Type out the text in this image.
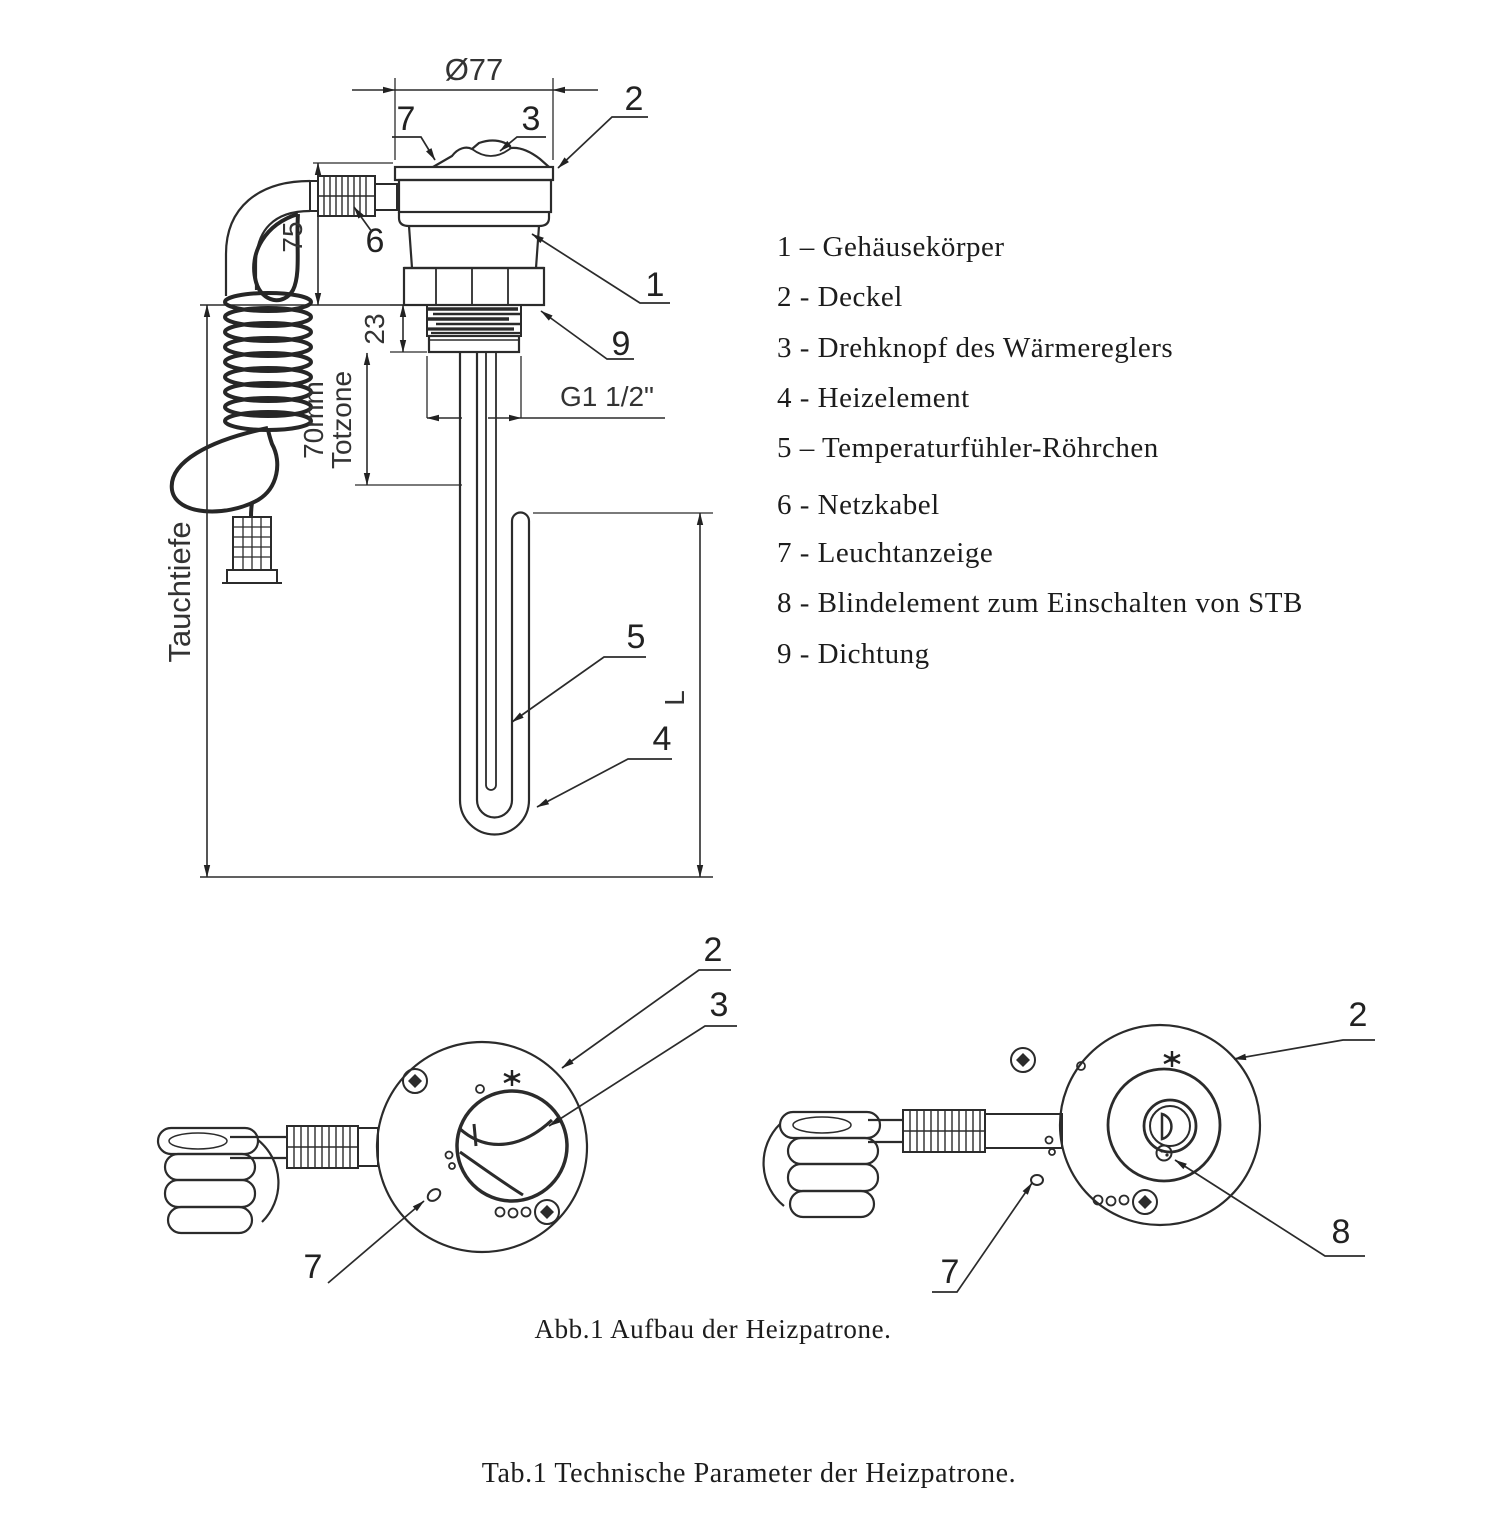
Ø77
75
23
70mm
Totzone
Tauchtiefe
G1 1/2"
L
7	3
2
6
1
9
5
4
1 – Gehäusekörper
2 - Deckel
3 - Drehknopf des Wärmereglers
4 - Heizelement
5 – Temperaturfühler-Röhrchen
6 - Netzkabel
7 - Leuchtanzeige
8 - Blindelement zum Einschalten von STB
9 - Dichtung
2
3
7
2
8
7
Abb.1 Aufbau der Heizpatrone.
Tab.1 Technische Parameter der Heizpatrone.
